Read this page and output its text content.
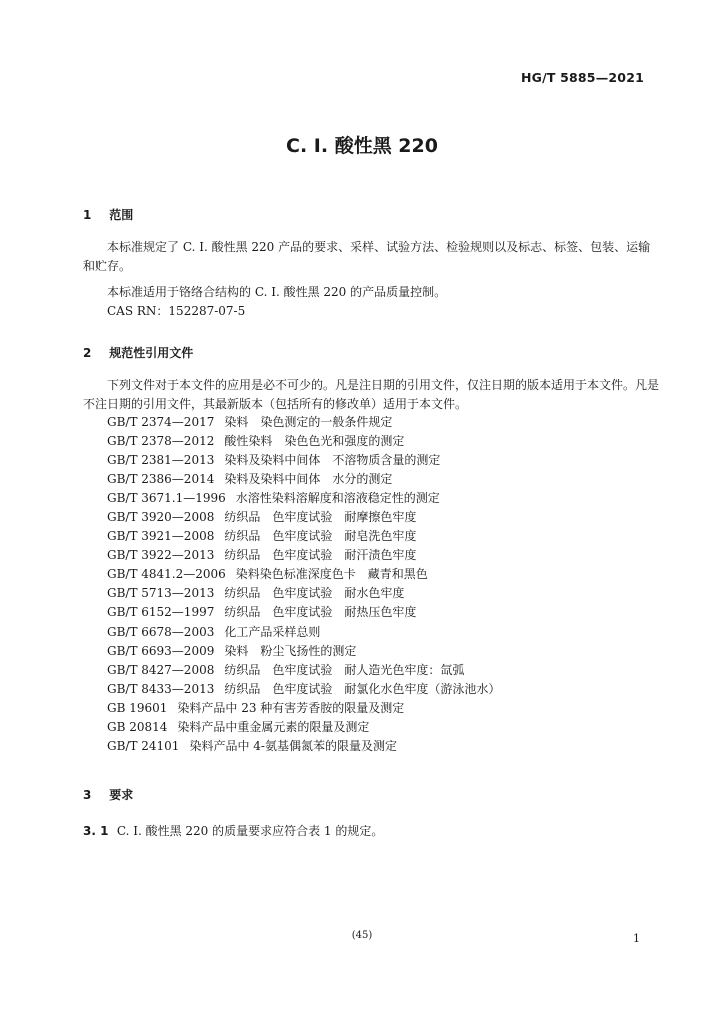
HG/T 5885—2021
C. I. 酸性黑 220
1 范围

本标准规定了 C. I. 酸性黑 220 产品的要求、采样、试验方法、检验规则以及标志、标签、包装、运输和贮存。

本标准适用于铬络合结构的 C. I. 酸性黑 220 的产品质量控制。
CAS RN：152287-07-5
2 规范性引用文件

下列文件对于本文件的应用是必不可少的。凡是注日期的引用文件，仅注日期的版本适用于本文件。凡是不注日期的引用文件，其最新版本（包括所有的修改单）适用于本文件。

GB/T 2374—2017 染料　染色测定的一般条件规定
GB/T 2378—2012 酸性染料　染色色光和强度的测定
GB/T 2381—2013 染料及染料中间体　不溶物质含量的测定
GB/T 2386—2014 染料及染料中间体　水分的测定
GB/T 3671.1—1996 水溶性染料溶解度和溶液稳定性的测定
GB/T 3920—2008 纺织品　色牢度试验　耐摩擦色牢度
GB/T 3921—2008 纺织品　色牢度试验　耐皂洗色牢度
GB/T 3922—2013 纺织品　色牢度试验　耐汗渍色牢度
GB/T 4841.2—2006 染料染色标准深度色卡　藏青和黑色
GB/T 5713—2013 纺织品　色牢度试验　耐水色牢度
GB/T 6152—1997 纺织品　色牢度试验　耐热压色牢度
GB/T 6678—2003 化工产品采样总则
GB/T 6693—2009 染料　粉尘飞扬性的测定
GB/T 8427—2008 纺织品　色牢度试验　耐人造光色牢度：氙弧
GB/T 8433—2013 纺织品　色牢度试验　耐氯化水色牢度（游泳池水）
GB 19601 染料产品中 23 种有害芳香胺的限量及测定
GB 20814 染料产品中重金属元素的限量及测定
GB/T 24101 染料产品中 4-氨基偶氮苯的限量及测定
3 要求
3. 1 C. I. 酸性黑 220 的质量要求应符合表 1 的规定。
(45)	1
